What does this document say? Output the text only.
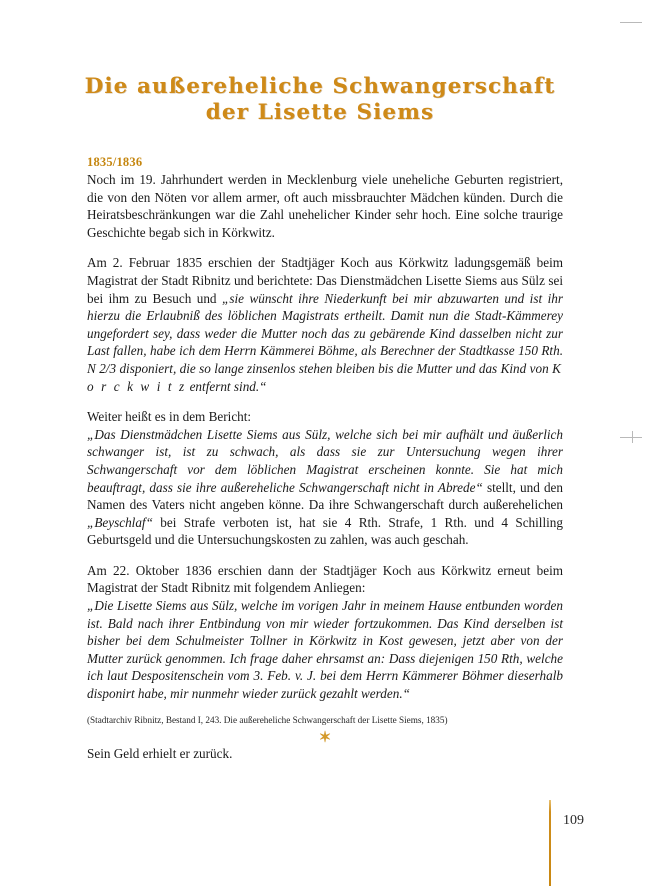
Die außereheliche Schwangerschaft
der Lisette Siems
1835/1836

Noch im 19. Jahrhundert werden in Mecklenburg viele uneheliche Geburten registriert, die von den Nöten vor allem armer, oft auch missbrauchter Mädchen künden. Durch die Heiratsbeschränkungen war die Zahl unehelicher Kinder sehr hoch. Eine solche traurige Geschichte begab sich in Körkwitz.

Am 2. Februar 1835 erschien der Stadtjäger Koch aus Körkwitz ladungsgemäß beim Magistrat der Stadt Ribnitz und berichtete: Das Dienstmädchen Lisette Siems aus Sülz sei bei ihm zu Besuch und „sie wünscht ihre Niederkunft bei mir abzuwarten und ist ihr hierzu die Erlaubniß des löblichen Magistrats ertheilt. Damit nun die Stadt-Kämmerey ungefordert sey, dass weder die Mutter noch das zu gebärende Kind dasselben nicht zur Last fallen, habe ich dem Herrn Kämmerei Böhme, als Berechner der Stadtkasse 150 Rth. N 2/3 disponiert, die so lange zinsenlos stehen bleiben bis die Mutter und das Kind von K o r c k w i t z entfernt sind.“

Weiter heißt es in dem Bericht:

„Das Dienstmädchen Lisette Siems aus Sülz, welche sich bei mir aufhält und äußerlich schwanger ist, ist zu schwach, als dass sie zur Untersuchung wegen ihrer Schwangerschaft vor dem löblichen Magistrat erscheinen konnte. Sie hat mich beauftragt, dass sie ihre außereheliche Schwangerschaft nicht in Abrede“ stellt, und den Namen des Vaters nicht angeben könne. Da ihre Schwangerschaft durch außerehelichen „Beyschlaf“ bei Strafe verboten ist, hat sie 4 Rth. Strafe, 1 Rth. und 4 Schilling Geburtsgeld und die Untersuchungskosten zu zahlen, was auch geschah.

Am 22. Oktober 1836 erschien dann der Stadtjäger Koch aus Körkwitz erneut beim Magistrat der Stadt Ribnitz mit folgendem Anliegen:

„Die Lisette Siems aus Sülz, welche im vorigen Jahr in meinem Hause entbunden worden ist. Bald nach ihrer Entbindung von mir wieder fortzukommen. Das Kind derselben ist bisher bei dem Schulmeister Tollner in Körkwitz in Kost gewesen, jetzt aber von der Mutter zurück genommen. Ich frage daher ehrsamst an: Dass diejenigen 150 Rth, welche ich laut Despositenschein vom 3. Feb. v. J. bei dem Herrn Kämmerer Böhmer dieserhalb disponirt habe, mir nunmehr wieder zurück gezahlt werden.“

(Stadtarchiv Ribnitz, Bestand I, 243. Die außereheliche Schwangerschaft der Lisette Siems, 1835)

Sein Geld erhielt er zurück.

✶
109
